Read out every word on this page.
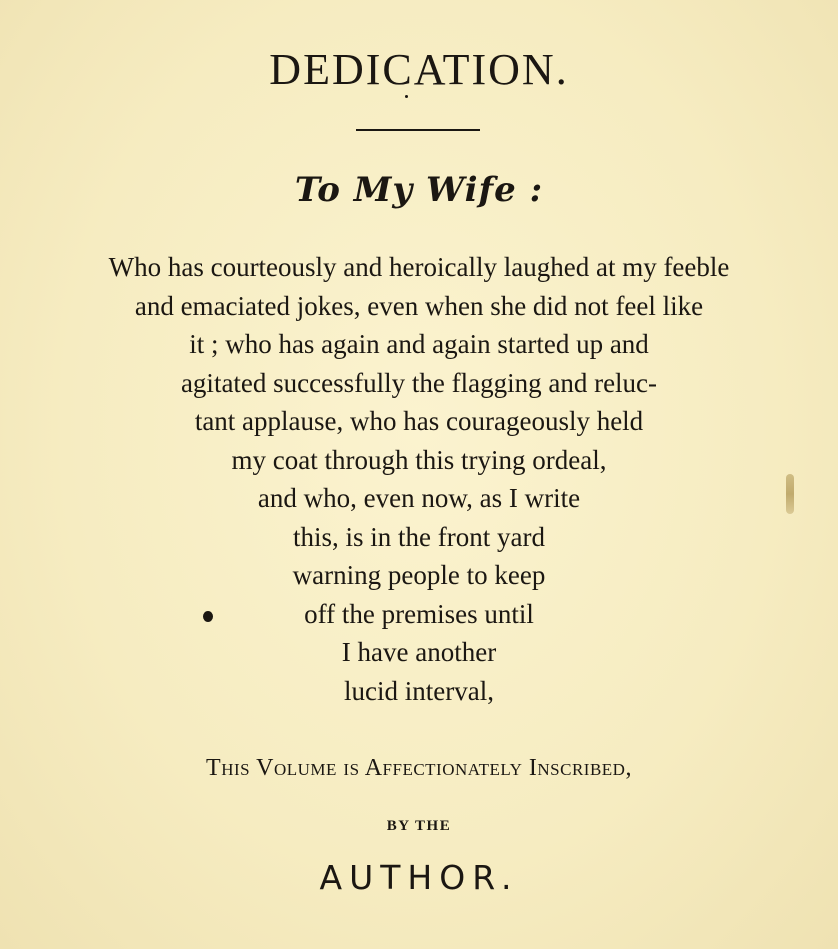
DEDICATION.
To My Wife :
Who has courteously and heroically laughed at my feeble
and emaciated jokes, even when she did not feel like
it ; who has again and again started up and
agitated successfully the flagging and reluc-
tant applause, who has courageously held
my coat through this trying ordeal,
and who, even now, as I write
this, is in the front yard
warning people to keep
off the premises until
I have another
lucid interval,
This Volume is Affectionately Inscribed,
BY THE
AUTHOR.
